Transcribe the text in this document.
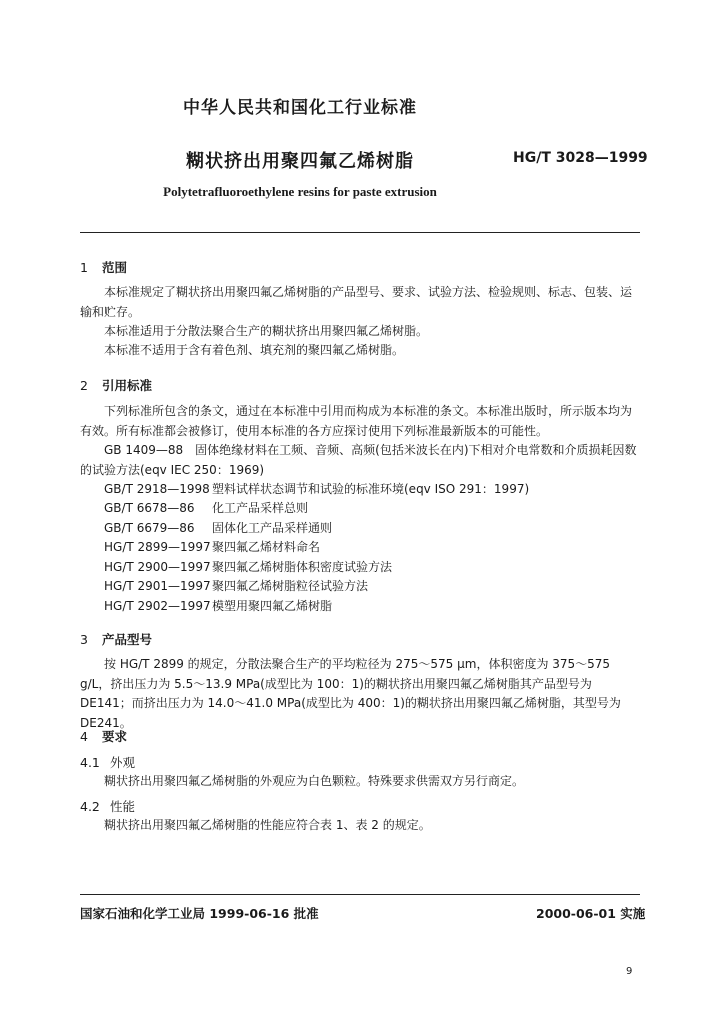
中华人民共和国化工行业标准
糊状挤出用聚四氟乙烯树脂	HG/T 3028—1999
Polytetrafluoroethylene resins for paste extrusion
1 范围
本标准规定了糊状挤出用聚四氟乙烯树脂的产品型号、要求、试验方法、检验规则、标志、包装、运输和贮存。
本标准适用于分散法聚合生产的糊状挤出用聚四氟乙烯树脂。
本标准不适用于含有着色剂、填充剂的聚四氟乙烯树脂。
2 引用标准
下列标准所包含的条文，通过在本标准中引用而构成为本标准的条文。本标准出版时，所示版本均为有效。所有标准都会被修订，使用本标准的各方应探讨使用下列标准最新版本的可能性。
GB 1409—88　固体绝缘材料在工频、音频、高频(包括米波长在内)下相对介电常数和介质损耗因数的试验方法(eqv IEC 250：1969)
GB/T 2918—1998 塑料试样状态调节和试验的标准环境(eqv ISO 291：1997)
GB/T 6678—86 化工产品采样总则
GB/T 6679—86 固体化工产品采样通则
HG/T 2899—1997聚四氟乙烯材料命名
HG/T 2900—1997聚四氟乙烯树脂体积密度试验方法
HG/T 2901—1997聚四氟乙烯树脂粒径试验方法
HG/T 2902—1997模塑用聚四氟乙烯树脂
3 产品型号
按 HG/T 2899 的规定，分散法聚合生产的平均粒径为 275～575 μm，体积密度为 375～575 g/L，挤出压力为 5.5～13.9 MPa(成型比为 100：1)的糊状挤出用聚四氟乙烯树脂其产品型号为 DE141；而挤出压力为 14.0～41.0 MPa(成型比为 400：1)的糊状挤出用聚四氟乙烯树脂，其型号为 DE241。
4 要求
4.1 外观
糊状挤出用聚四氟乙烯树脂的外观应为白色颗粒。特殊要求供需双方另行商定。
4.2 性能
糊状挤出用聚四氟乙烯树脂的性能应符合表 1、表 2 的规定。
国家石油和化学工业局 1999-06-16 批准	2000-06-01 实施
9
